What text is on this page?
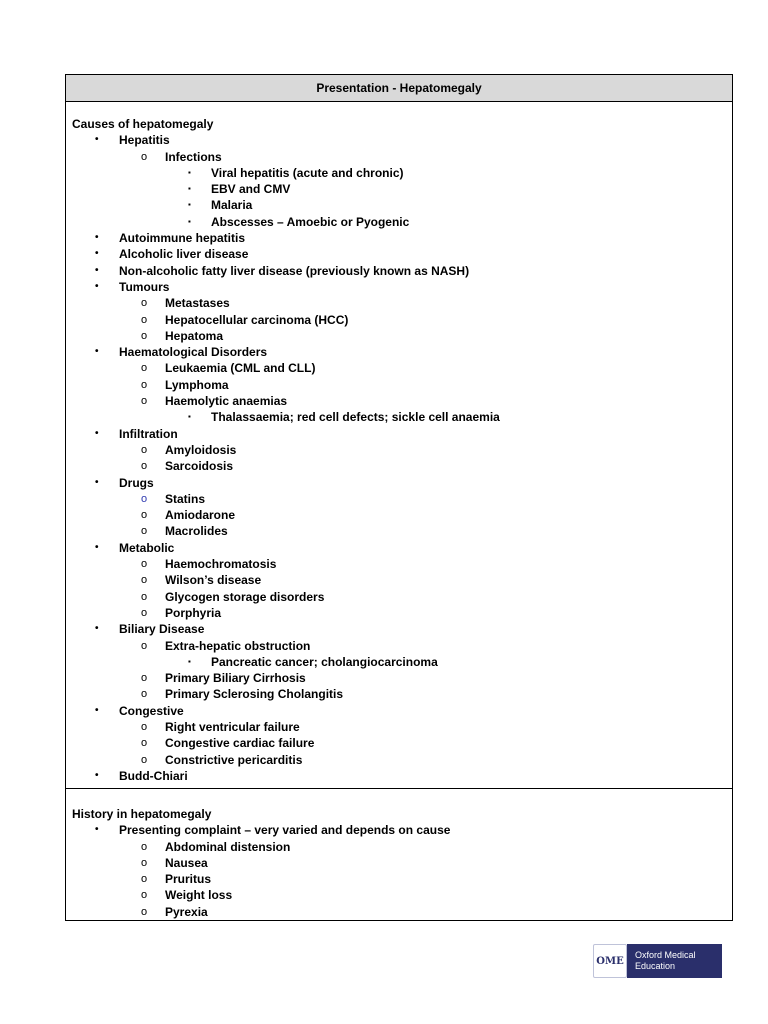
Presentation - Hepatomegaly
Causes of hepatomegaly
• Hepatitis
o Infections
▪ Viral hepatitis (acute and chronic)
▪ EBV and CMV
▪ Malaria
▪ Abscesses – Amoebic or Pyogenic
• Autoimmune hepatitis
• Alcoholic liver disease
• Non-alcoholic fatty liver disease (previously known as NASH)
• Tumours
o Metastases
o Hepatocellular carcinoma (HCC)
o Hepatoma
• Haematological Disorders
o Leukaemia (CML and CLL)
o Lymphoma
o Haemolytic anaemias
▪ Thalassaemia; red cell defects; sickle cell anaemia
• Infiltration
o Amyloidosis
o Sarcoidosis
• Drugs
o Statins
o Amiodarone
o Macrolides
• Metabolic
o Haemochromatosis
o Wilson’s disease
o Glycogen storage disorders
o Porphyria
• Biliary Disease
o Extra-hepatic obstruction
▪ Pancreatic cancer; cholangiocarcinoma
o Primary Biliary Cirrhosis
o Primary Sclerosing Cholangitis
• Congestive
o Right ventricular failure
o Congestive cardiac failure
o Constrictive pericarditis
• Budd-Chiari
History in hepatomegaly
• Presenting complaint – very varied and depends on cause
o Abdominal distension
o Nausea
o Pruritus
o Weight loss
o Pyrexia
OME
Oxford Medical
Education
